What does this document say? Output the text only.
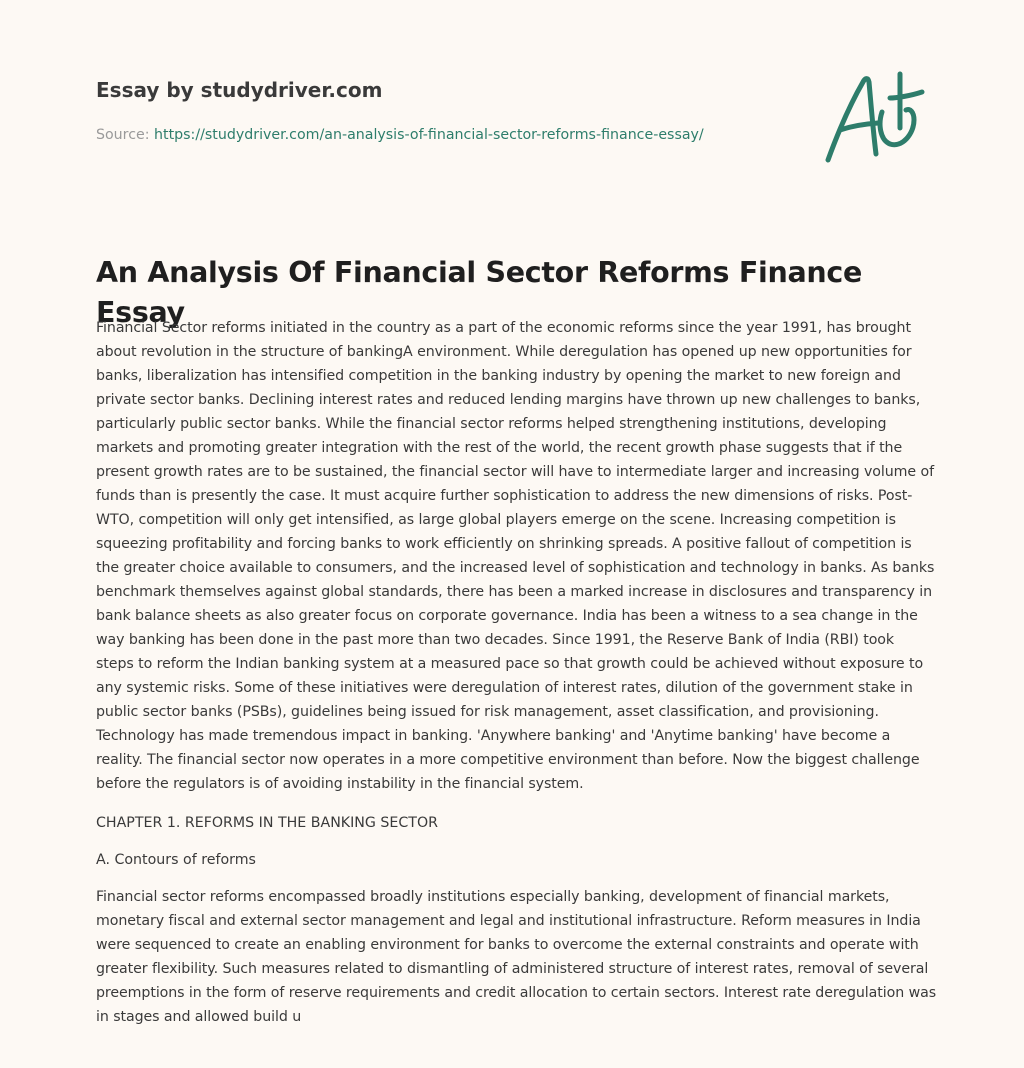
Essay by studydriver.com
Source: https://studydriver.com/an-analysis-of-financial-sector-reforms-finance-essay/
An Analysis Of Financial Sector Reforms Finance Essay

Financial Sector reforms initiated in the country as a part of the economic reforms since the year 1991, has brought about revolution in the structure of bankingA environment. While deregulation has opened up new opportunities for banks, liberalization has intensified competition in the banking industry by opening the market to new foreign and private sector banks. Declining interest rates and reduced lending margins have thrown up new challenges to banks, particularly public sector banks. While the financial sector reforms helped strengthening institutions, developing markets and promoting greater integration with the rest of the world, the recent growth phase suggests that if the present growth rates are to be sustained, the financial sector will have to intermediate larger and increasing volume of funds than is presently the case. It must acquire further sophistication to address the new dimensions of risks. Post-WTO, competition will only get intensified, as large global players emerge on the scene. Increasing competition is squeezing profitability and forcing banks to work efficiently on shrinking spreads. A positive fallout of competition is the greater choice available to consumers, and the increased level of sophistication and technology in banks. As banks benchmark themselves against global standards, there has been a marked increase in disclosures and transparency in bank balance sheets as also greater focus on corporate governance. India has been a witness to a sea change in the way banking has been done in the past more than two decades. Since 1991, the Reserve Bank of India (RBI) took steps to reform the Indian banking system at a measured pace so that growth could be achieved without exposure to any systemic risks. Some of these initiatives were deregulation of interest rates, dilution of the government stake in public sector banks (PSBs), guidelines being issued for risk management, asset classification, and provisioning. Technology has made tremendous impact in banking. 'Anywhere banking' and 'Anytime banking' have become a reality. The financial sector now operates in a more competitive environment than before. Now the biggest challenge before the regulators is of avoiding instability in the financial system.

CHAPTER 1. REFORMS IN THE BANKING SECTOR

A. Contours of reforms

Financial sector reforms encompassed broadly institutions especially banking, development of financial markets, monetary fiscal and external sector management and legal and institutional infrastructure. Reform measures in India were sequenced to create an enabling environment for banks to overcome the external constraints and operate with greater flexibility. Such measures related to dismantling of administered structure of interest rates, removal of several preemptions in the form of reserve requirements and credit allocation to certain sectors. Interest rate deregulation was in stages and allowed build u
